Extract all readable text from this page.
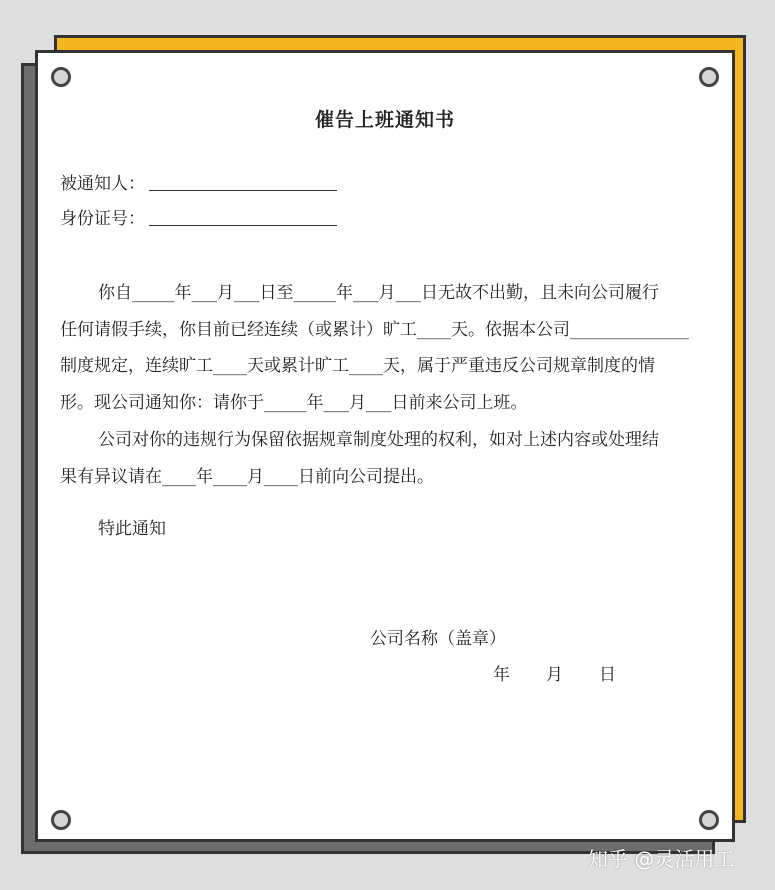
催告上班通知书
被通知人：
身份证号：
你自_____年___月___日至_____年___月___日无故不出勤，且未向公司履行
任何请假手续，你目前已经连续（或累计）旷工____天。依据本公司______________
制度规定，连续旷工____天或累计旷工____天，属于严重违反公司规章制度的情
形。现公司通知你：请你于_____年___月___日前来公司上班。
公司对你的违规行为保留依据规章制度处理的权利，如对上述内容或处理结
果有异议请在____年____月____日前向公司提出。
特此通知
公司名称（盖章）
年 月 日
知乎 @灵活用工
